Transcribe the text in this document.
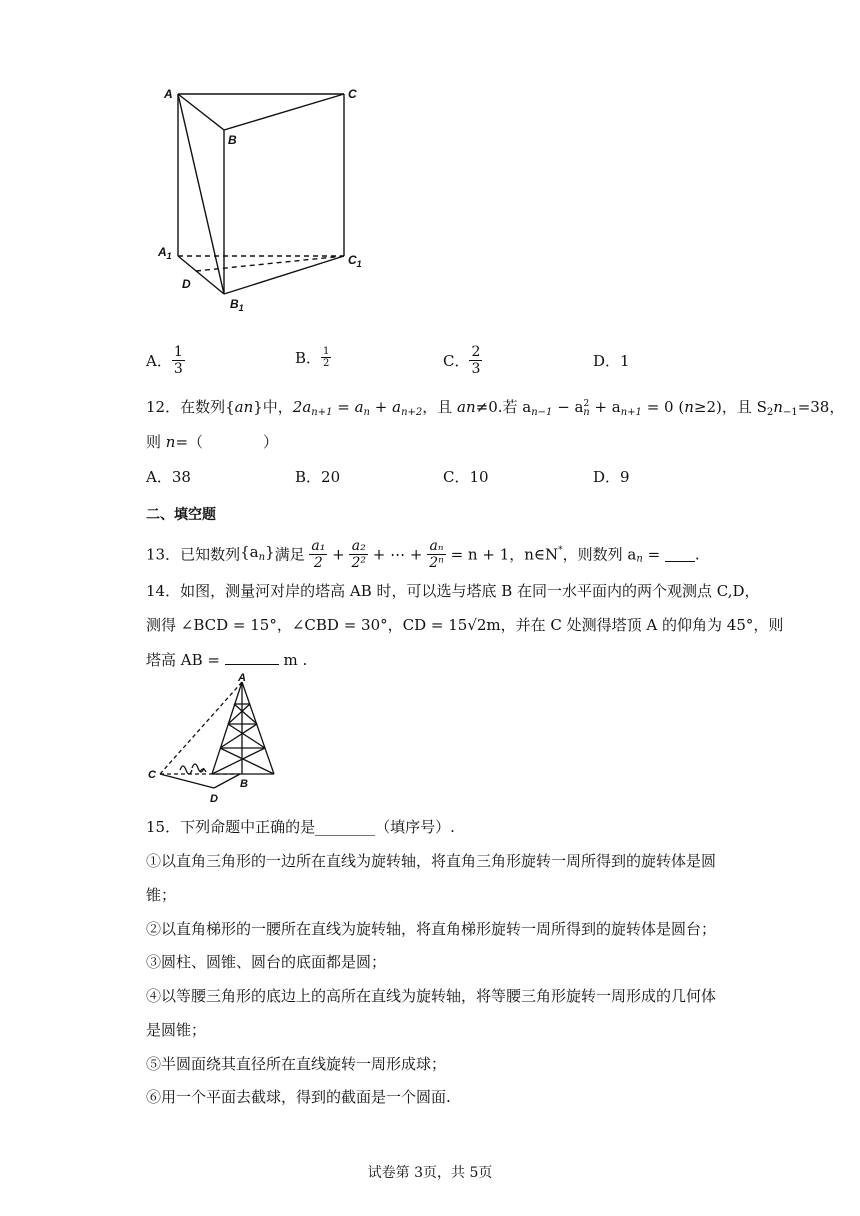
A	C
B
$A_1$	$C_1$
D
$B_1$
A． $\frac{1}{3}$	B． $\frac{1}{2}$	C． $\frac{2}{3}$	D．1
12．在数列{an}中，$2a_{n+1} = a_n + a_{n+2}$，且 an≠0.若 $a_{n-1} - a^2_n + a_{n+1} = 0$ (n≥2)，且 $S_2n_{-1}=38$，
则 n=（　　　　）
A．38	B．20	C．10	D．9
二、填空题
13．已知数列$\{a_n\}$满足 $\frac{\text{a₁}}{2} + \frac{\text{a₂}}{\text{2²}}$ + ⋯ + $\frac{\text{aₙ}}{\text{2ⁿ}} = n + 1$，n∈N*，则数列 $a_n$ = .
14．如图，测量河对岸的塔高 AB 时，可以选与塔底 B 在同一水平面内的两个观测点 C,D，
测得 ∠BCD = 15°，∠CBD = 30°，CD = 15√2m，并在 C 处测得塔顶 A 的仰角为 45°，则
塔高 AB =	m .
A
B
C
D
15．下列命题中正确的是________（填序号）.
①以直角三角形的一边所在直线为旋转轴，将直角三角形旋转一周所得到的旋转体是圆
锥；
②以直角梯形的一腰所在直线为旋转轴，将直角梯形旋转一周所得到的旋转体是圆台；
③圆柱、圆锥、圆台的底面都是圆；
④以等腰三角形的底边上的高所在直线为旋转轴，将等腰三角形旋转一周形成的几何体
是圆锥；
⑤半圆面绕其直径所在直线旋转一周形成球；
⑥用一个平面去截球，得到的截面是一个圆面.
试卷第 3页，共 5页
